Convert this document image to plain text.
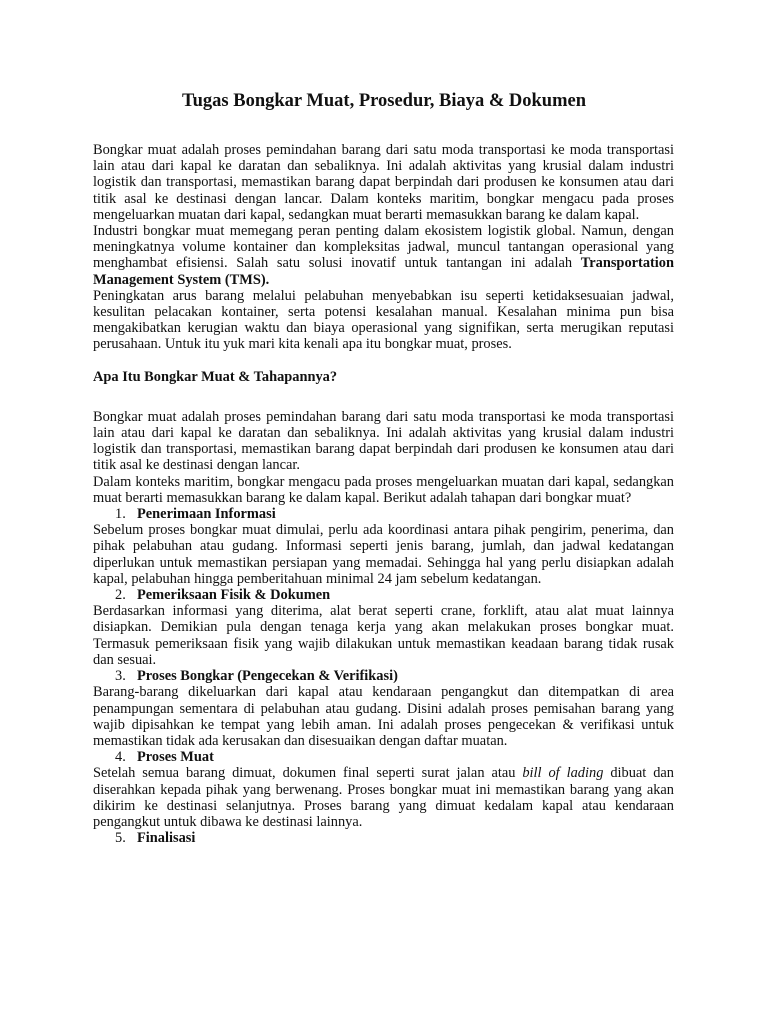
Tugas Bongkar Muat, Prosedur, Biaya & Dokumen

Bongkar muat adalah proses pemindahan barang dari satu moda transportasi ke moda transportasi lain atau dari kapal ke daratan dan sebaliknya. Ini adalah aktivitas yang krusial dalam industri logistik dan transportasi, memastikan barang dapat berpindah dari produsen ke konsumen atau dari titik asal ke destinasi dengan lancar. Dalam konteks maritim, bongkar mengacu pada proses mengeluarkan muatan dari kapal, sedangkan muat berarti memasukkan barang ke dalam kapal.

Industri bongkar muat memegang peran penting dalam ekosistem logistik global. Namun, dengan meningkatnya volume kontainer dan kompleksitas jadwal, muncul tantangan operasional yang menghambat efisiensi. Salah satu solusi inovatif untuk tantangan ini adalah Transportation Management System (TMS).

Peningkatan arus barang melalui pelabuhan menyebabkan isu seperti ketidaksesuaian jadwal, kesulitan pelacakan kontainer, serta potensi kesalahan manual. Kesalahan minima pun bisa mengakibatkan kerugian waktu dan biaya operasional yang signifikan, serta merugikan reputasi perusahaan. Untuk itu yuk mari kita kenali apa itu bongkar muat, proses.

Apa Itu Bongkar Muat & Tahapannya?

Bongkar muat adalah proses pemindahan barang dari satu moda transportasi ke moda transportasi lain atau dari kapal ke daratan dan sebaliknya. Ini adalah aktivitas yang krusial dalam industri logistik dan transportasi, memastikan barang dapat berpindah dari produsen ke konsumen atau dari titik asal ke destinasi dengan lancar.

Dalam konteks maritim, bongkar mengacu pada proses mengeluarkan muatan dari kapal, sedangkan muat berarti memasukkan barang ke dalam kapal. Berikut adalah tahapan dari bongkar muat?

1. Penerimaan Informasi

Sebelum proses bongkar muat dimulai, perlu ada koordinasi antara pihak pengirim, penerima, dan pihak pelabuhan atau gudang. Informasi seperti jenis barang, jumlah, dan jadwal kedatangan diperlukan untuk memastikan persiapan yang memadai. Sehingga hal yang perlu disiapkan adalah kapal, pelabuhan hingga pemberitahuan minimal 24 jam sebelum kedatangan.

2. Pemeriksaan Fisik & Dokumen

Berdasarkan informasi yang diterima, alat berat seperti crane, forklift, atau alat muat lainnya disiapkan. Demikian pula dengan tenaga kerja yang akan melakukan proses bongkar muat. Termasuk pemeriksaan fisik yang wajib dilakukan untuk memastikan keadaan barang tidak rusak dan sesuai.

3. Proses Bongkar (Pengecekan & Verifikasi)

Barang-barang dikeluarkan dari kapal atau kendaraan pengangkut dan ditempatkan di area penampungan sementara di pelabuhan atau gudang. Disini adalah proses pemisahan barang yang wajib dipisahkan ke tempat yang lebih aman. Ini adalah proses pengecekan & verifikasi untuk memastikan tidak ada kerusakan dan disesuaikan dengan daftar muatan.

4. Proses Muat

Setelah semua barang dimuat, dokumen final seperti surat jalan atau bill of lading dibuat dan diserahkan kepada pihak yang berwenang. Proses bongkar muat ini memastikan barang yang akan dikirim ke destinasi selanjutnya. Proses barang yang dimuat kedalam kapal atau kendaraan pengangkut untuk dibawa ke destinasi lainnya.

5. Finalisasi
